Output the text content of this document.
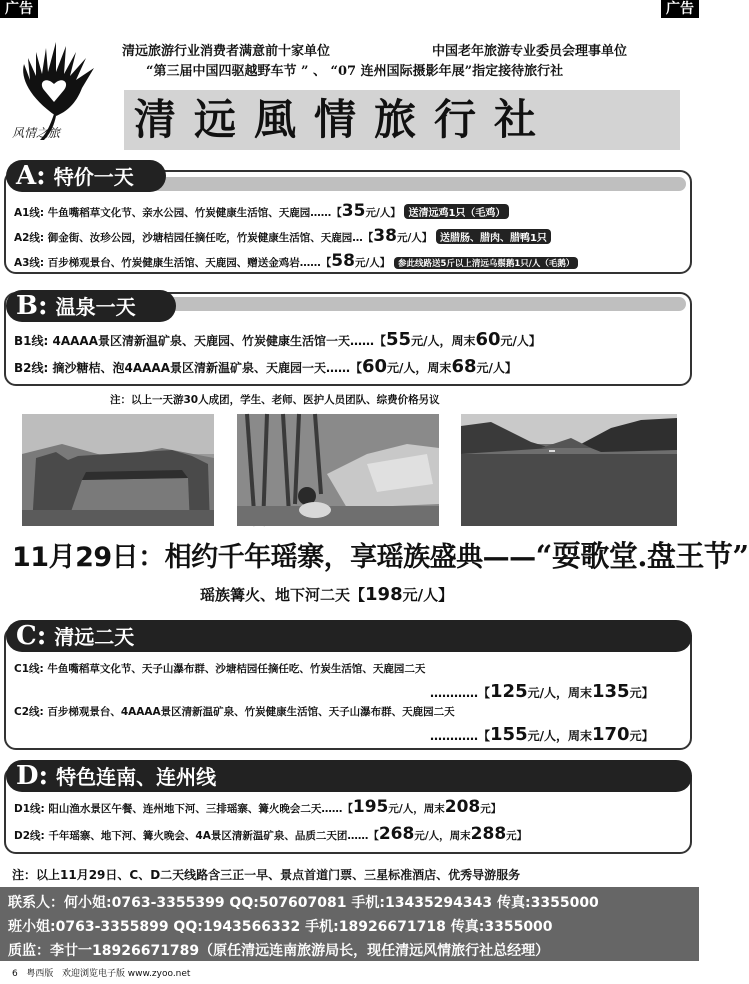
广告	广告
风情之旅
清远旅游行业消费者满意前十家单位	中国老年旅游专业委员会理事单位
“第三届中国四驱越野车节 ” 、 “07 连州国际摄影年展”指定接待旅行社
清远風情旅行社
A: 特价一天
A1线: 牛鱼嘴稻草文化节、亲水公园、竹炭健康生活馆、天鹿园……【35元/人】 送清远鸡1只（毛鸡）
A2线: 御金街、汝珍公园，沙塘桔园任摘任吃，竹炭健康生活馆、天鹿园…【38元/人】 送腊肠、腊肉、腊鸭1只
A3线: 百步梯观景台、竹炭健康生活馆、天鹿园、赠送金鸡岩……【58元/人】 参此线路送5斤以上清远乌鬃鹅1只/人（毛鹅）
B: 温泉一天
B1线: 4AAAA景区清新温矿泉、天鹿园、竹炭健康生活馆一天……【55元/人，周末60元/人】
B2线: 摘沙糖桔、泡4AAAA景区清新温矿泉、天鹿园一天……【60元/人，周末68元/人】
注：以上一天游30人成团，学生、老师、医护人员团队、综费价格另议
11月29日：相约千年瑶寨，享瑶族盛典——“耍歌堂.盘王节”
瑶族篝火、地下河二天【198元/人】
C: 清远二天
C1线: 牛鱼嘴稻草文化节、天子山瀑布群、沙塘桔园任摘任吃、竹炭生活馆、天鹿园二天
…………【125元/人，周末135元】
C2线: 百步梯观景台、4AAAA景区清新温矿泉、竹炭健康生活馆、天子山瀑布群、天鹿园二天
…………【155元/人，周末170元】
D: 特色连南、连州线
D1线: 阳山渔水景区午餐、连州地下河、三排瑶寨、篝火晚会二天……【195元/人，周末208元】
D2线: 千年瑶寨、地下河、篝火晚会、4A景区清新温矿泉、品质二天团……【268元/人，周末288元】
注：以上11月29日、C、D二天线路含三正一早、景点首道门票、三星标准酒店、优秀导游服务
联系人：何小姐:0763-3355399 QQ:507607081 手机:13435294343 传真:3355000
班小姐:0763-3355899 QQ:1943566332 手机:18926671718 传真:3355000
质监：李廿一18926671789（原任清远连南旅游局长，现任清远风情旅行社总经理）
6 粤西版 欢迎浏览电子版 www.zyoo.net
